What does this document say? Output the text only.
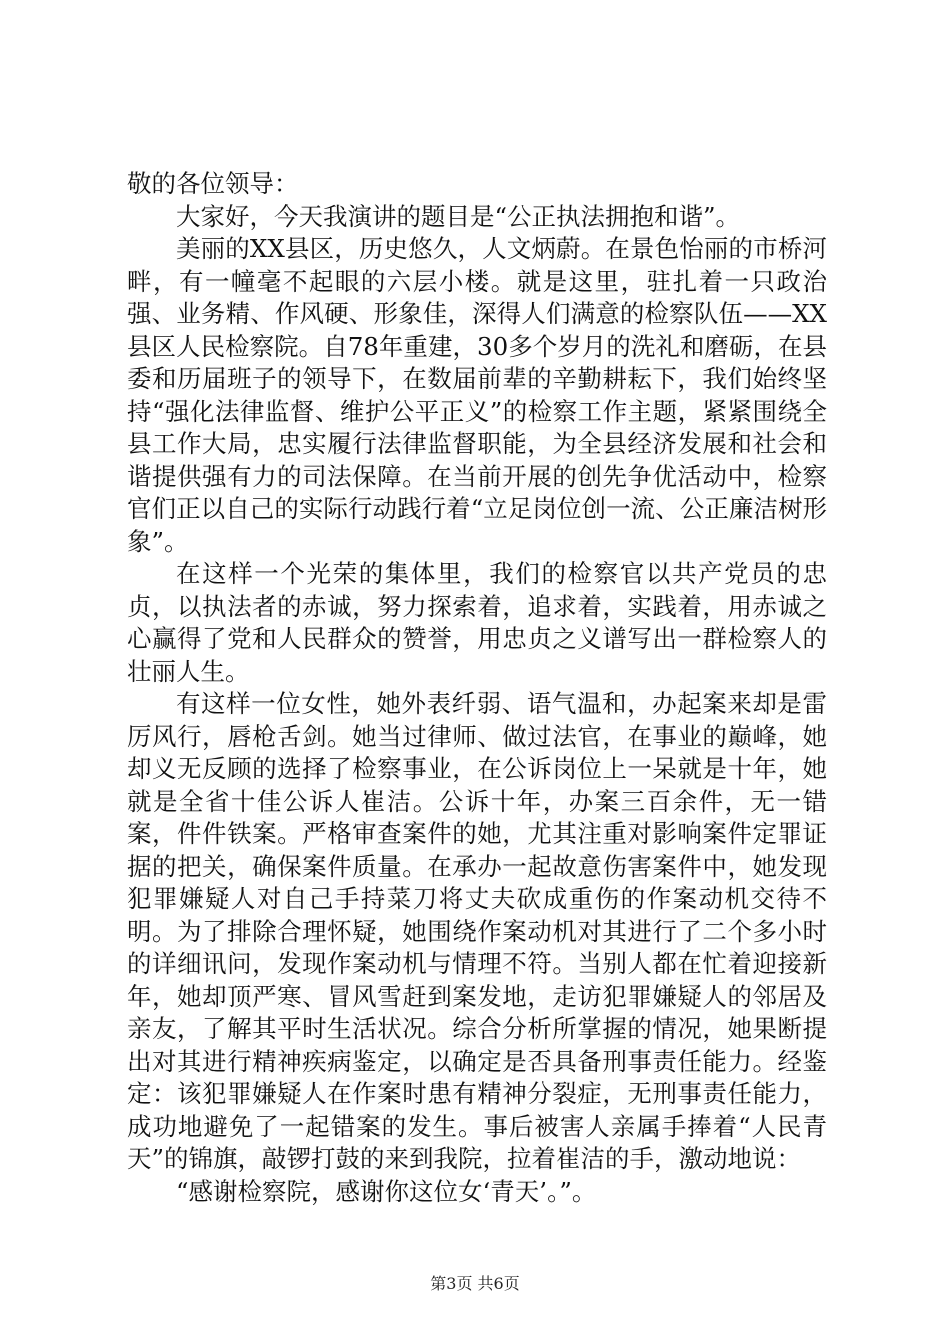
敬的各位领导：

大家好，今天我演讲的题目是“公正执法拥抱和谐”。

美丽的XX县区，历史悠久，人文炳蔚。在景色怡丽的市桥河畔，有一幢毫不起眼的六层小楼。就是这里，驻扎着一只政治强、业务精、作风硬、形象佳，深得人们满意的检察队伍——XX县区人民检察院。自78年重建，30多个岁月的洗礼和磨砺，在县委和历届班子的领导下，在数届前辈的辛勤耕耘下，我们始终坚持“强化法律监督、维护公平正义”的检察工作主题，紧紧围绕全县工作大局，忠实履行法律监督职能，为全县经济发展和社会和谐提供强有力的司法保障。在当前开展的创先争优活动中，检察官们正以自己的实际行动践行着“立足岗位创一流、公正廉洁树形象”。

在这样一个光荣的集体里，我们的检察官以共产党员的忠贞，以执法者的赤诚，努力探索着，追求着，实践着，用赤诚之心赢得了党和人民群众的赞誉，用忠贞之义谱写出一群检察人的壮丽人生。

有这样一位女性，她外表纤弱、语气温和，办起案来却是雷厉风行，唇枪舌剑。她当过律师、做过法官，在事业的巅峰，她却义无反顾的选择了检察事业，在公诉岗位上一呆就是十年，她就是全省十佳公诉人崔洁。公诉十年，办案三百余件，无一错案，件件铁案。严格审查案件的她，尤其注重对影响案件定罪证据的把关，确保案件质量。在承办一起故意伤害案件中，她发现犯罪嫌疑人对自己手持菜刀将丈夫砍成重伤的作案动机交待不明。为了排除合理怀疑，她围绕作案动机对其进行了二个多小时的详细讯问，发现作案动机与情理不符。当别人都在忙着迎接新年，她却顶严寒、冒风雪赶到案发地，走访犯罪嫌疑人的邻居及亲友，了解其平时生活状况。综合分析所掌握的情况，她果断提出对其进行精神疾病鉴定，以确定是否具备刑事责任能力。经鉴定：该犯罪嫌疑人在作案时患有精神分裂症，无刑事责任能力，成功地避免了一起错案的发生。事后被害人亲属手捧着“人民青天”的锦旗，敲锣打鼓的来到我院，拉着崔洁的手，激动地说：

“感谢检察院，感谢你这位女‘青天’。”。

第3页 共6页
